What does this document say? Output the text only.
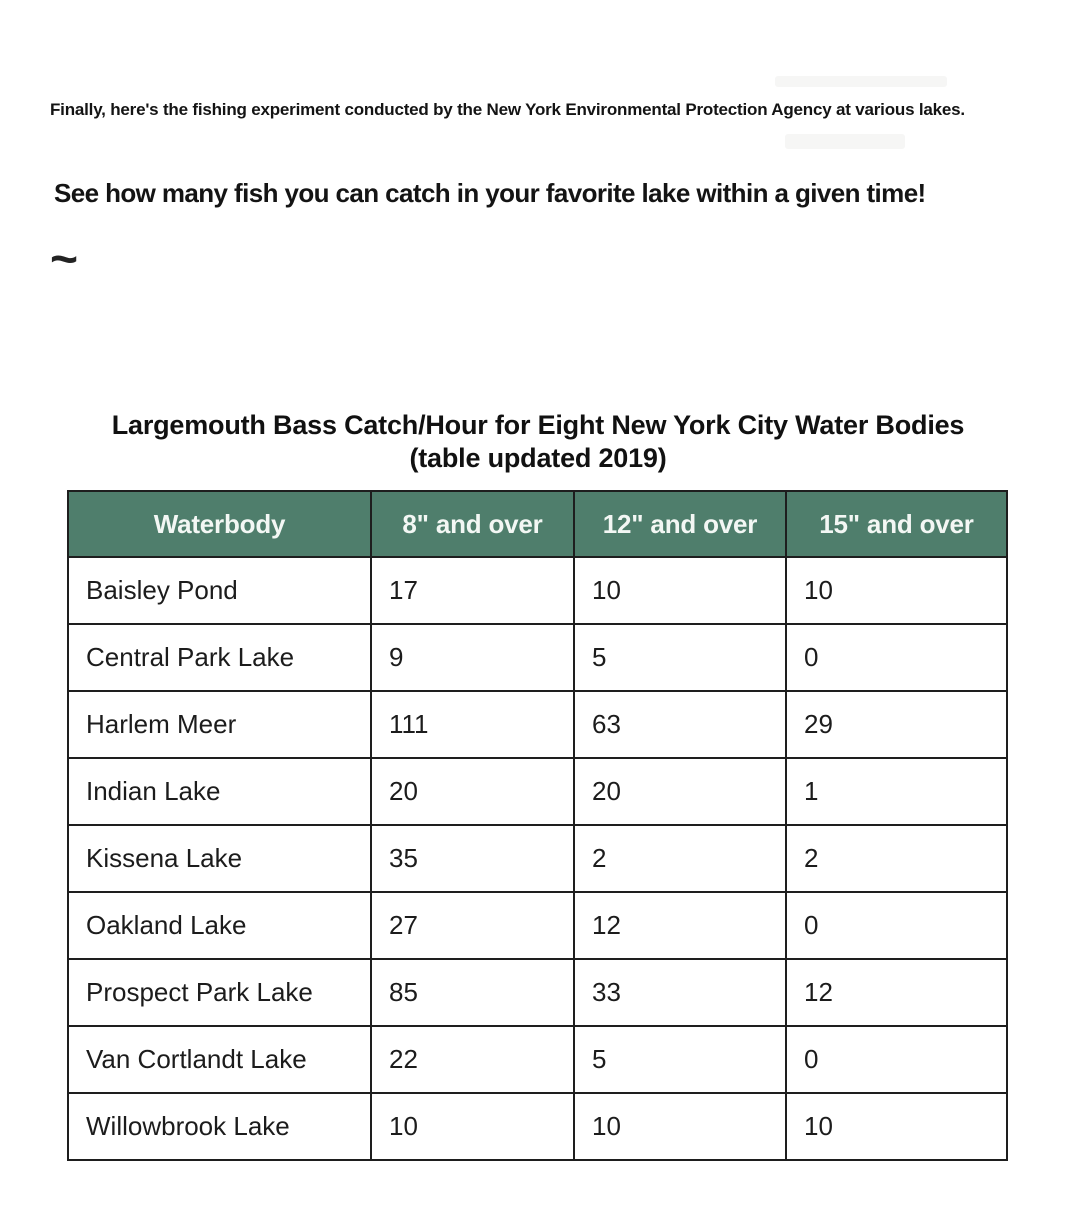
Finally, here's the fishing experiment conducted by the New York Environmental Protection Agency at various lakes.
See how many fish you can catch in your favorite lake within a given time!
~
Largemouth Bass Catch/Hour for Eight New York City Water Bodies
(table updated 2019)
Waterbody	8" and over	12" and over	15" and over
Baisley Pond	17	10	10
Central Park Lake	9	5	0
Harlem Meer	111	63	29
Indian Lake	20	20	1
Kissena Lake	35	2	2
Oakland Lake	27	12	0
Prospect Park Lake	85	33	12
Van Cortlandt Lake	22	5	0
Willowbrook Lake	10	10	10
